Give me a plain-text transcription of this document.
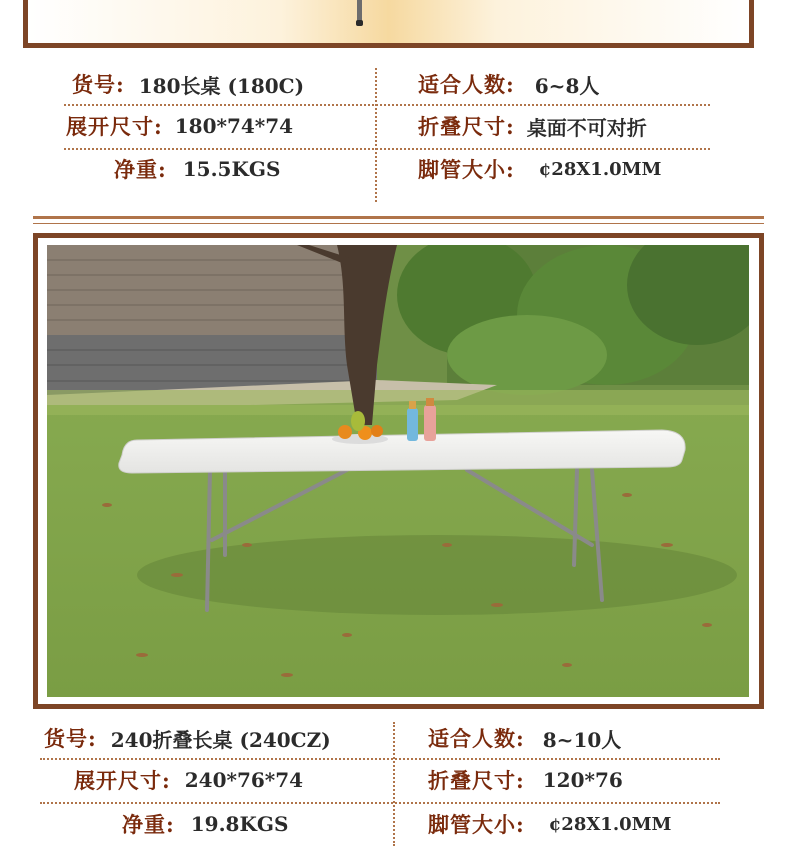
货号: 180长桌 (180C)	适合人数: 6~8人
展开尺寸: 180*74*74	折叠尺寸: 桌面不可对折
净重: 15.5KGS	脚管大小: ¢28X1.0MM
货号: 240折叠长桌 (240CZ)	适合人数: 8~10人
展开尺寸: 240*76*74	折叠尺寸: 120*76
净重: 19.8KGS	脚管大小: ¢28X1.0MM
